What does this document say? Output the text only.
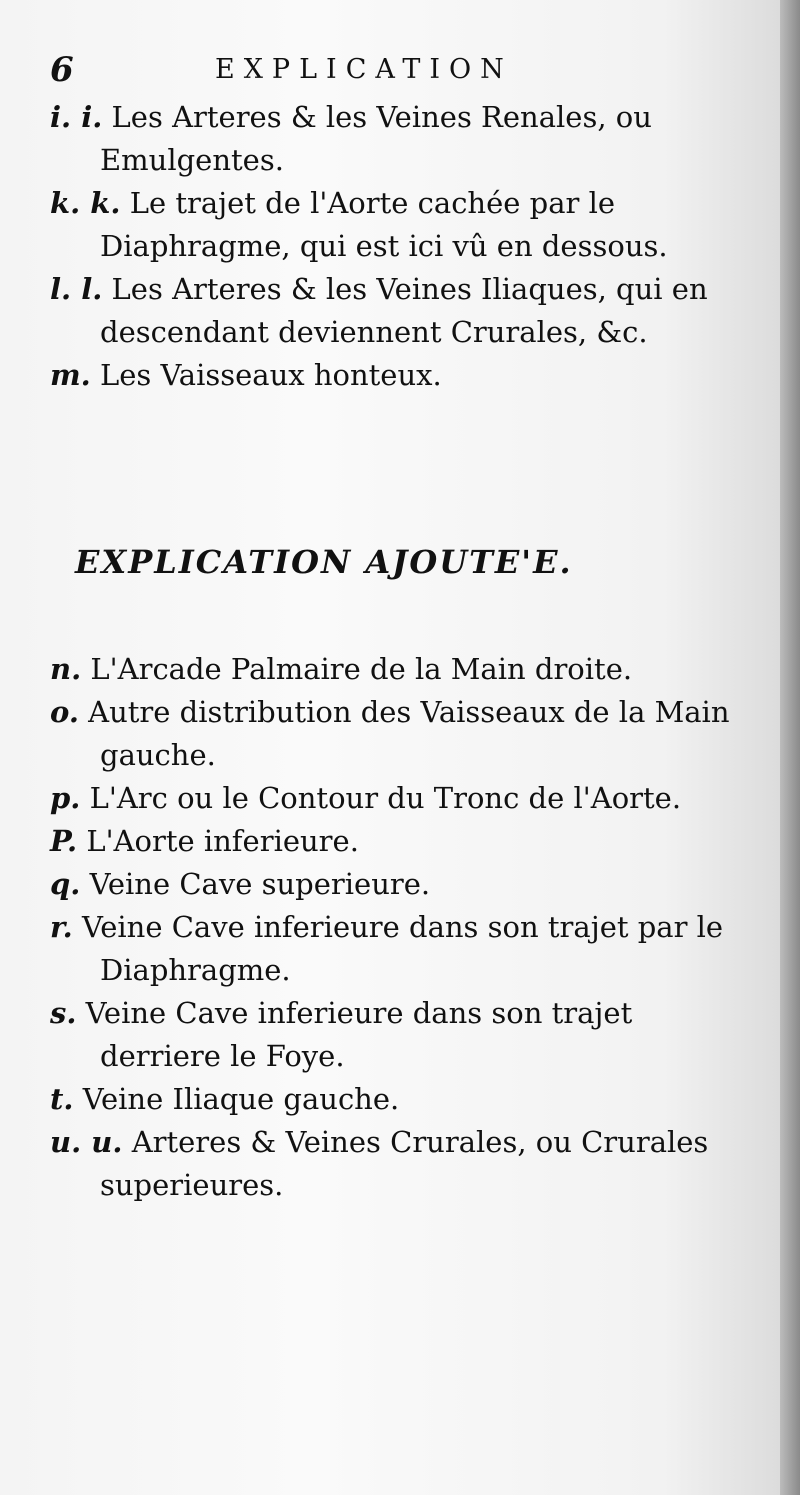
6	EXPLICATION

i. i. Les Arteres & les Veines Renales, ou Emulgentes.

k. k. Le trajet de l'Aorte cachée par le Diaphragme, qui est ici vû en dessous.

l. l. Les Arteres & les Veines Iliaques, qui en descendant deviennent Crurales, &c.

m. Les Vaisseaux honteux.

EXPLICATION AJOUTE'E.

n. L'Arcade Palmaire de la Main droite.

o. Autre distribution des Vaisseaux de la Main gauche.

p. L'Arc ou le Contour du Tronc de l'Aorte.

P. L'Aorte inferieure.

q. Veine Cave superieure.

r. Veine Cave inferieure dans son trajet par le Diaphragme.

s. Veine Cave inferieure dans son trajet derriere le Foye.

t. Veine Iliaque gauche.

u. u. Arteres & Veines Crurales, ou Crurales superieures.
